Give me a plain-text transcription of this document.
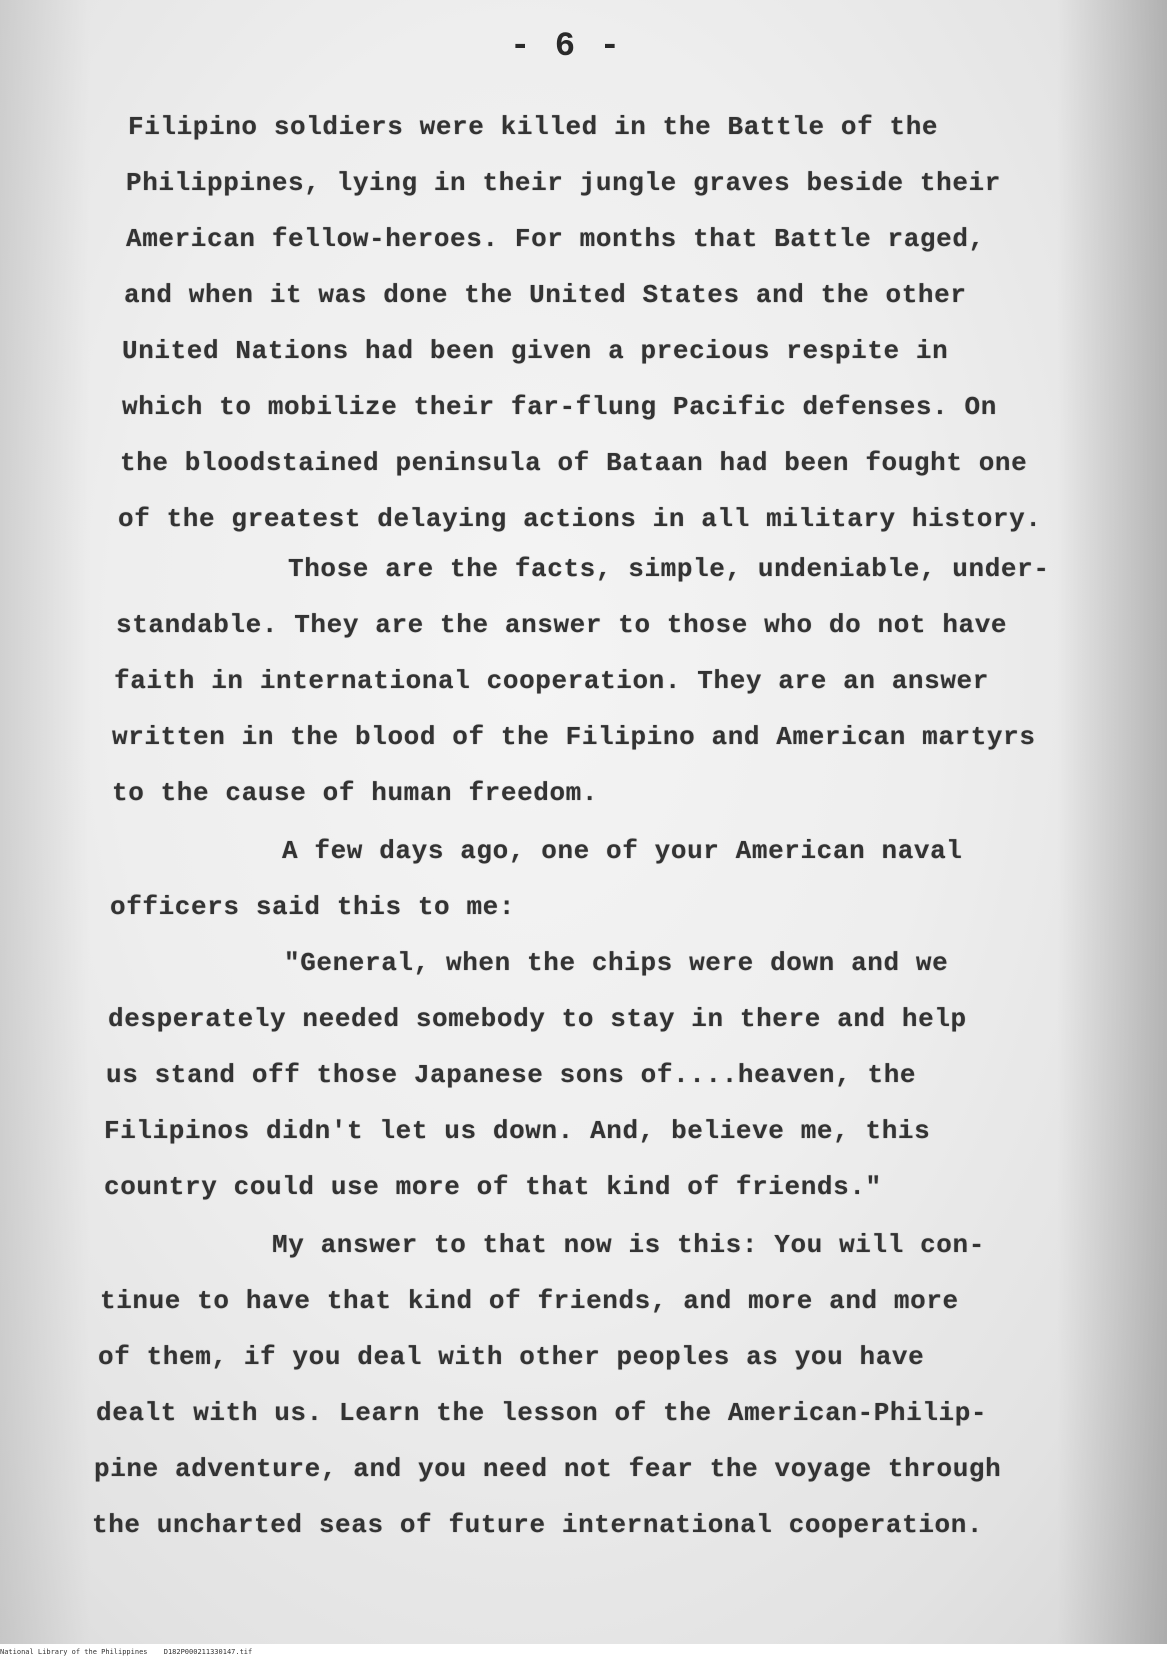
- 6 -
Filipino soldiers were killed in the Battle of the
Philippines, lying in their jungle graves beside their
American fellow-heroes. For months that Battle raged,
and when it was done the United States and the other
United Nations had been given a precious respite in
which to mobilize their far-flung Pacific defenses. On
the bloodstained peninsula of Bataan had been fought one
of the greatest delaying actions in all military history.
Those are the facts, simple, undeniable, under-
standable. They are the answer to those who do not have
faith in international cooperation. They are an answer
written in the blood of the Filipino and American martyrs
to the cause of human freedom.
A few days ago, one of your American naval
officers said this to me:
"General, when the chips were down and we
desperately needed somebody to stay in there and help
us stand off those Japanese sons of....heaven, the
Filipinos didn't let us down. And, believe me, this
country could use more of that kind of friends."
My answer to that now is this: You will con-
tinue to have that kind of friends, and more and more
of them, if you deal with other peoples as you have
dealt with us. Learn the lesson of the American-Philip-
pine adventure, and you need not fear the voyage through
the uncharted seas of future international cooperation.
National Library of the Philippines D182P000211330147.tif
